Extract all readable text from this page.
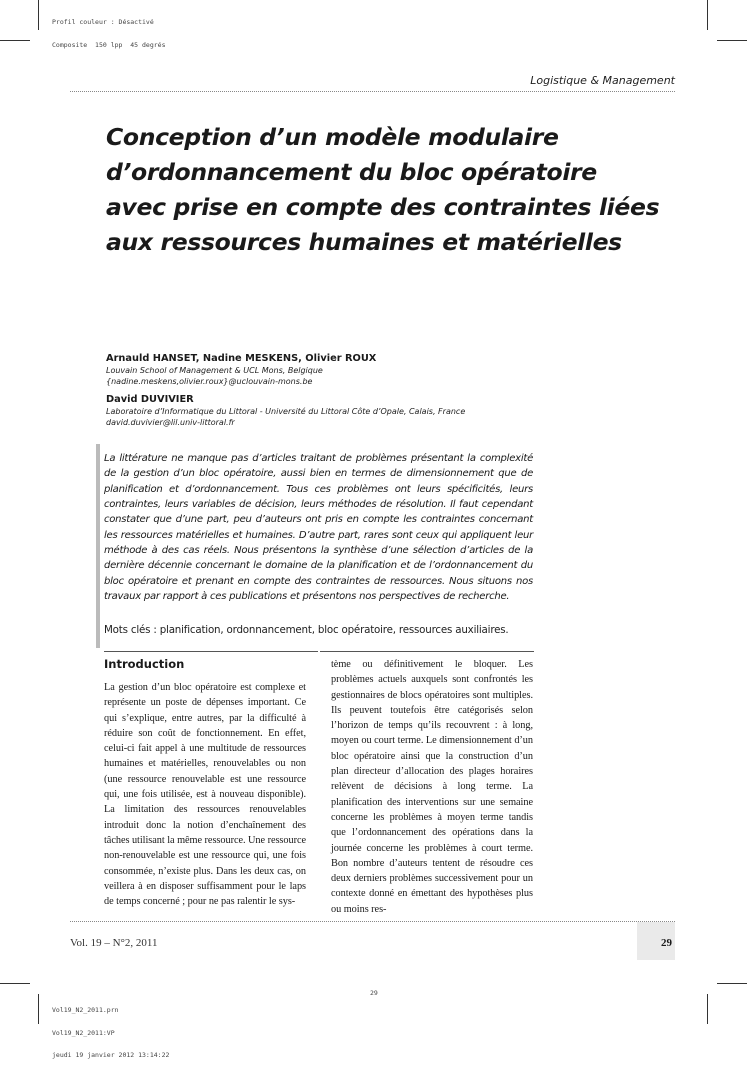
Profil couleur : Désactivé

Composite  150 lpp  45 degrés

Logistique & Management
Conception d’un modèle modulaire
d’ordonnancement du bloc opératoire
avec prise en compte des contraintes liées
aux ressources humaines et matérielles
Arnauld HANSET, Nadine MESKENS, Olivier ROUX
Louvain School of Management & UCL Mons, Belgique
{nadine.meskens,olivier.roux}@uclouvain-mons.be
David DUVIVIER
Laboratoire d’Informatique du Littoral - Université du Littoral Côte d’Opale, Calais, France
david.duvivier@lil.univ-littoral.fr

La littérature ne manque pas d’articles traitant de problèmes présentant la complexité de la gestion d’un bloc opératoire, aussi bien en termes de dimensionnement que de planification et d’ordonnancement. Tous ces problèmes ont leurs spécificités, leurs contraintes, leurs variables de décision, leurs méthodes de résolution. Il faut cependant constater que d’une part, peu d’auteurs ont pris en compte les contraintes concernant les ressources matérielles et humaines. D’autre part, rares sont ceux qui appliquent leur méthode à des cas réels. Nous présentons la synthèse d’une sélection d’articles de la dernière décennie concernant le domaine de la planification et de l’ordonnancement du bloc opératoire et prenant en compte des contraintes de ressources. Nous situons nos travaux par rapport à ces publications et présentons nos perspectives de recherche.

Mots clés : planification, ordonnancement, bloc opératoire, ressources auxiliaires.
Introduction

La gestion d’un bloc opératoire est complexe et représente un poste de dépenses important. Ce qui s’explique, entre autres, par la difficulté à réduire son coût de fonctionnement. En effet, celui-ci fait appel à une multitude de ressources humaines et matérielles, renouvelables ou non (une ressource renouvelable est une ressource qui, une fois utilisée, est à nouveau disponible). La limitation des ressources renouvelables introduit donc la notion d’enchaînement des tâches utilisant la même ressource. Une ressource non-renouvelable est une ressource qui, une fois consommée, n’existe plus. Dans les deux cas, on veillera à en disposer suffisamment pour le laps de temps concerné ; pour ne pas ralentir le sys-

tème ou définitivement le bloquer. Les problèmes actuels auxquels sont confrontés les gestionnaires de blocs opératoires sont multiples. Ils peuvent toutefois être catégorisés selon l’horizon de temps qu’ils recouvrent : à long, moyen ou court terme. Le dimensionnement d’un bloc opératoire ainsi que la construction d’un plan directeur d’allocation des plages horaires relèvent de décisions à long terme. La planification des interventions sur une semaine concerne les problèmes à moyen terme tandis que l’ordonnancement des opérations dans la journée concerne les problèmes à court terme. Bon nombre d’auteurs tentent de résoudre ces deux derniers problèmes successivement pour un contexte donné en émettant des hypothèses plus ou moins res-

Vol. 19 – N°2, 2011	29

Vol19_N2_2011.prn

Vol19_N2_2011:VP

jeudi 19 janvier 2012 13:14:22

29
